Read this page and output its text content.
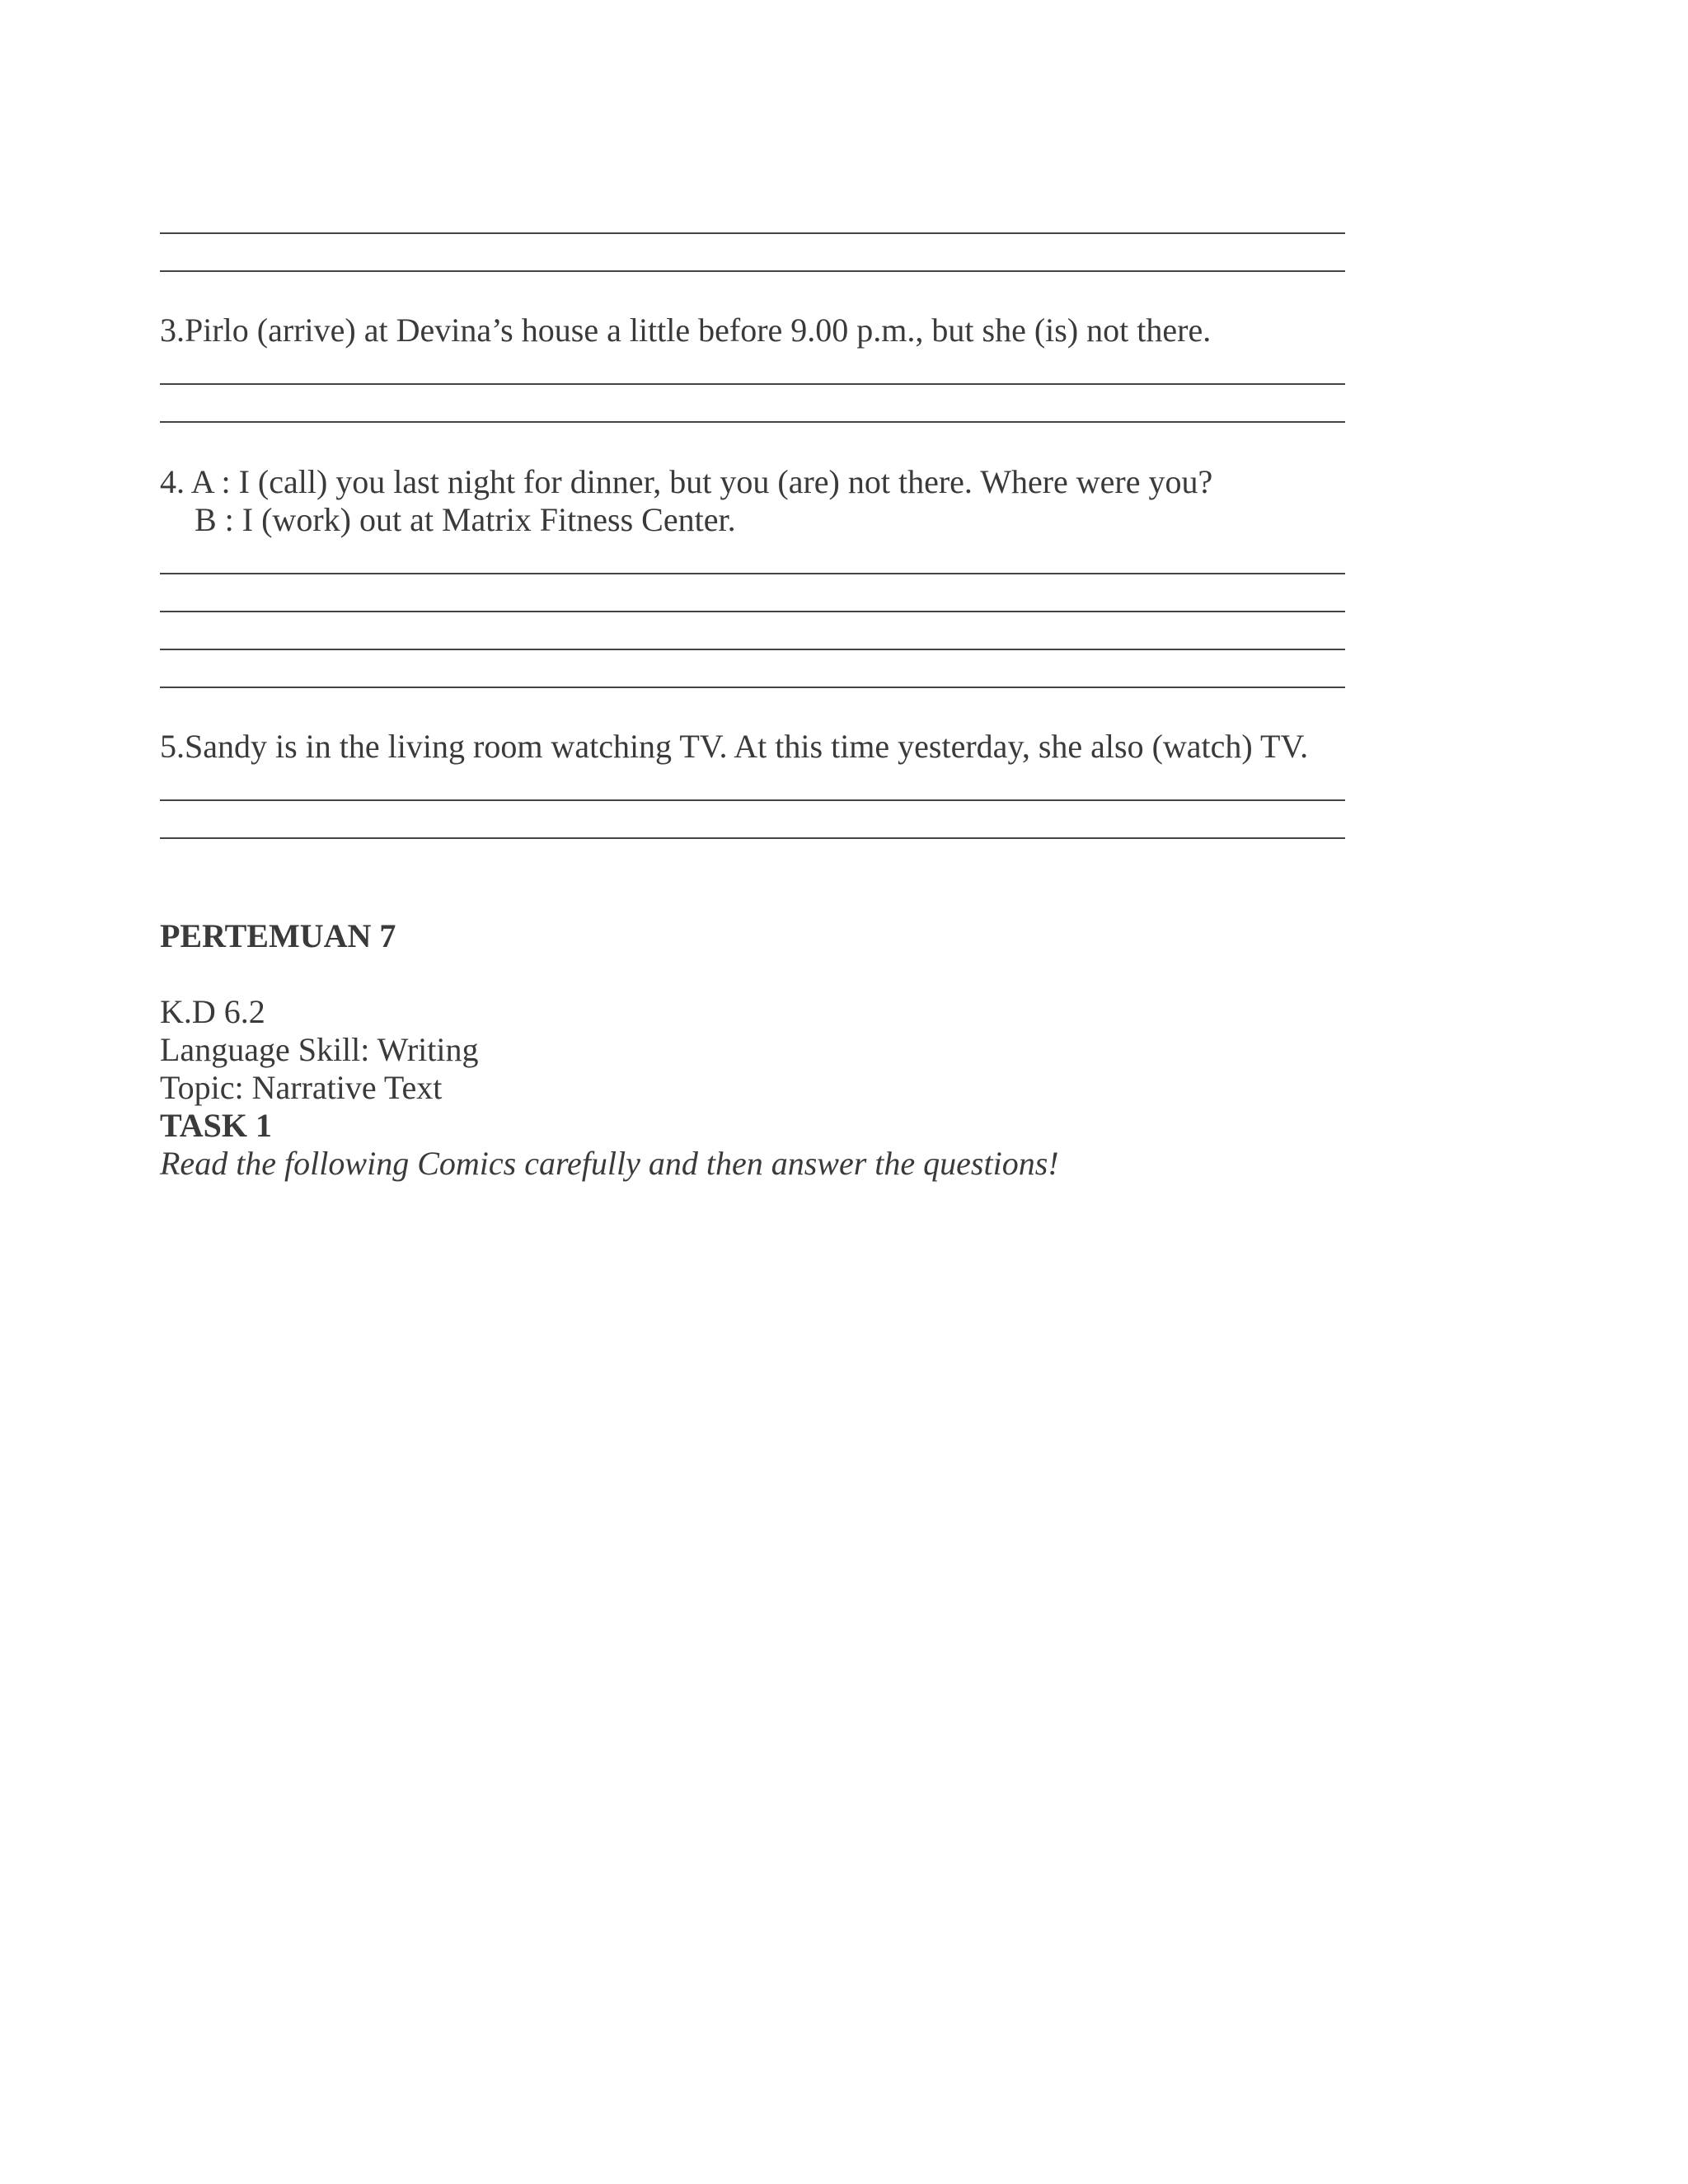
3.Pirlo (arrive) at Devina’s house a little before 9.00 p.m., but she (is) not there.
4. A : I (call) you last night for dinner, but you (are) not there. Where were you?
B : I (work) out at Matrix Fitness Center.
5.Sandy is in the living room watching TV. At this time yesterday, she also (watch) TV.
PERTEMUAN 7
K.D 6.2
Language Skill: Writing
Topic: Narrative Text
TASK 1
Read the following Comics carefully and then answer the questions!
